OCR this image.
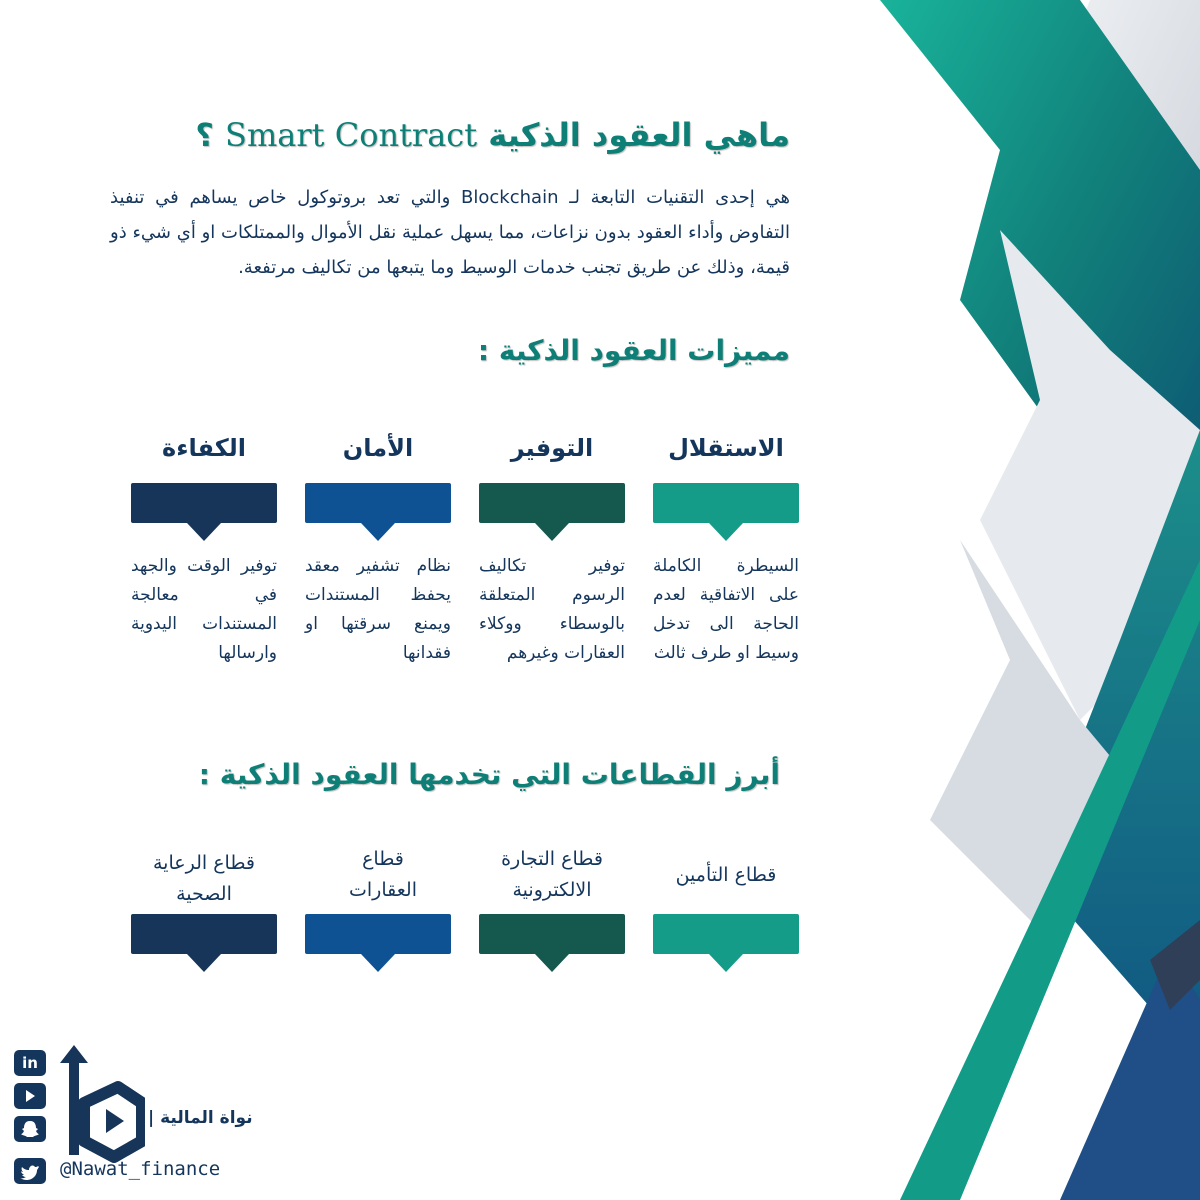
ماهي العقود الذكية Smart Contract ؟
هي إحدى التقنيات التابعة لـ Blockchain والتي تعد بروتوكول خاص يساهم في تنفيذ التفاوض وأداء العقود بدون نزاعات، مما يسهل عملية نقل الأموال والممتلكات او أي شيء ذو قيمة، وذلك عن طريق تجنب خدمات الوسيط وما يتبعها من تكاليف مرتفعة.
مميزات العقود الذكية :
الاستقلال
التوفير
الأمان
الكفاءة
السيطرة الكاملة على الاتفاقية لعدم الحاجة الى تدخل وسيط او طرف ثالث
توفير تكاليف الرسوم المتعلقة بالوسطاء ووكلاء العقارات وغيرهم
نظام تشفير معقد يحفظ المستندات ويمنع سرقتها او فقدانها
توفير الوقت والجهد في معالجة المستندات اليدوية وارسالها
أبرز القطاعات التي تخدمها العقود الذكية :
قطاع التأمين
قطاع التجارة الالكترونية
قطاع العقارات
قطاع الرعاية الصحية
in
نواة المالية |
@Nawat_finance
